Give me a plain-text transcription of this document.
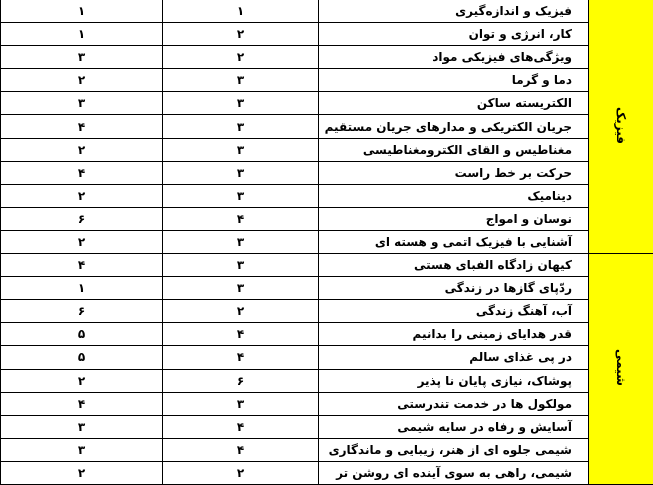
۱	۱	فیزیک و اندازه‌گیری	فیزیک
۱	۲	کار، انرژی و توان	
۳	۲	ویژگی‌های فیزیکی مواد	
۲	۳	دما و گرما	
۳	۳	الکتریسته ساکن	
۴	۳	جریان الکتریکی و مدارهای جریان مستقیم	
۲	۳	مغناطیس و القای الکترومغناطیسی	
۴	۳	حرکت بر خط راست	
۲	۳	دینامیک	
۶	۴	نوسان و امواج	
۲	۳	آشنایی با فیزیک اتمی و هسته ای	
۴	۳	کیهان زادگاه الفبای هستی	شیمی
۱	۳	ردّپای گازها در زندگی	
۶	۲	آب، آهنگ زندگی	
۵	۴	قدر هدایای زمینی را بدانیم	
۵	۴	در پی غذای سالم	
۲	۶	پوشاک، نیازی پایان نا پذیر	
۴	۳	مولکول ها در خدمت تندرستی	
۳	۴	آسایش و رفاه در سایه شیمی	
۳	۴	شیمی جلوه ای از هنر، زیبایی و ماندگاری	
۲	۲	شیمی، راهی به سوی آینده ای روشن تر	
